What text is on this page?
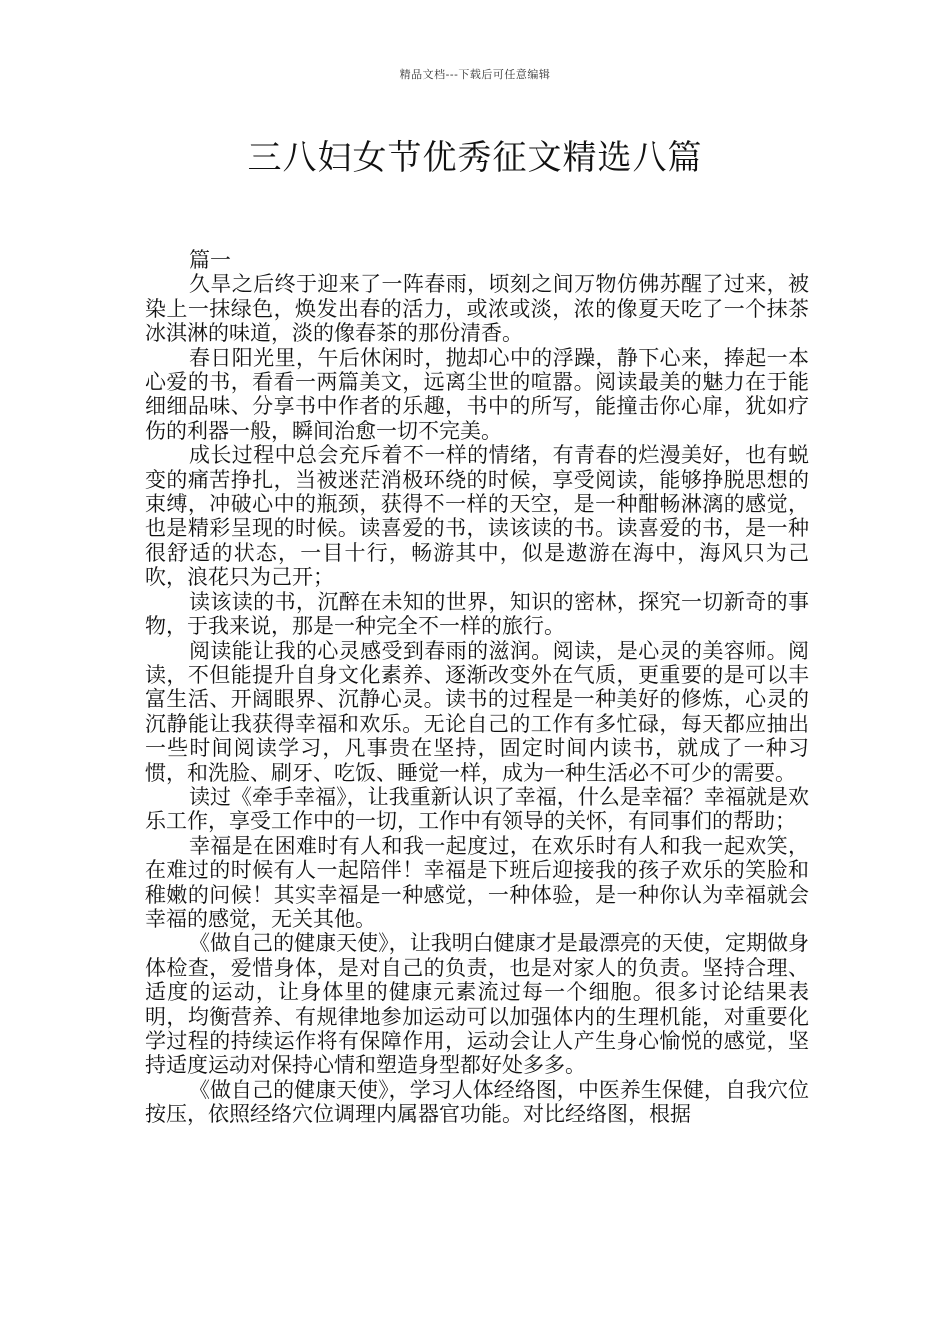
精品文档---下载后可任意编辑
三八妇女节优秀征文精选八篇

篇一

久旱之后终于迎来了一阵春雨，顷刻之间万物仿佛苏醒了过来，被染上一抹绿色，焕发出春的活力，或浓或淡，浓的像夏天吃了一个抹茶冰淇淋的味道，淡的像春茶的那份清香。

春日阳光里，午后休闲时，抛却心中的浮躁，静下心来，捧起一本心爱的书，看看一两篇美文，远离尘世的喧嚣。阅读最美的魅力在于能细细品味、分享书中作者的乐趣，书中的所写，能撞击你心扉，犹如疗伤的利器一般，瞬间治愈一切不完美。

成长过程中总会充斥着不一样的情绪，有青春的烂漫美好，也有蜕变的痛苦挣扎，当被迷茫消极环绕的时候，享受阅读，能够挣脱思想的束缚，冲破心中的瓶颈，获得不一样的天空，是一种酣畅淋漓的感觉，也是精彩呈现的时候。读喜爱的书，读该读的书。读喜爱的书，是一种很舒适的状态，一目十行，畅游其中，似是遨游在海中，海风只为己吹，浪花只为己开；

读该读的书，沉醉在未知的世界，知识的密林，探究一切新奇的事物，于我来说，那是一种完全不一样的旅行。

阅读能让我的心灵感受到春雨的滋润。阅读，是心灵的美容师。阅读，不但能提升自身文化素养、逐渐改变外在气质，更重要的是可以丰富生活、开阔眼界、沉静心灵。读书的过程是一种美好的修炼，心灵的沉静能让我获得幸福和欢乐。无论自己的工作有多忙碌，每天都应抽出一些时间阅读学习，凡事贵在坚持，固定时间内读书，就成了一种习惯，和洗脸、刷牙、吃饭、睡觉一样，成为一种生活必不可少的需要。

读过《牵手幸福》，让我重新认识了幸福，什么是幸福？幸福就是欢乐工作，享受工作中的一切，工作中有领导的关怀，有同事们的帮助；

幸福是在困难时有人和我一起度过，在欢乐时有人和我一起欢笑，在难过的时候有人一起陪伴！幸福是下班后迎接我的孩子欢乐的笑脸和稚嫩的问候！其实幸福是一种感觉，一种体验，是一种你认为幸福就会幸福的感觉，无关其他。

《做自己的健康天使》，让我明白健康才是最漂亮的天使，定期做身体检查，爱惜身体，是对自己的负责，也是对家人的负责。坚持合理、适度的运动，让身体里的健康元素流过每一个细胞。很多讨论结果表明，均衡营养、有规律地参加运动可以加强体内的生理机能，对重要化学过程的持续运作将有保障作用，运动会让人产生身心愉悦的感觉，坚持适度运动对保持心情和塑造身型都好处多多。

《做自己的健康天使》，学习人体经络图，中医养生保健，自我穴位按压，依照经络穴位调理内属器官功能。对比经络图，根据
